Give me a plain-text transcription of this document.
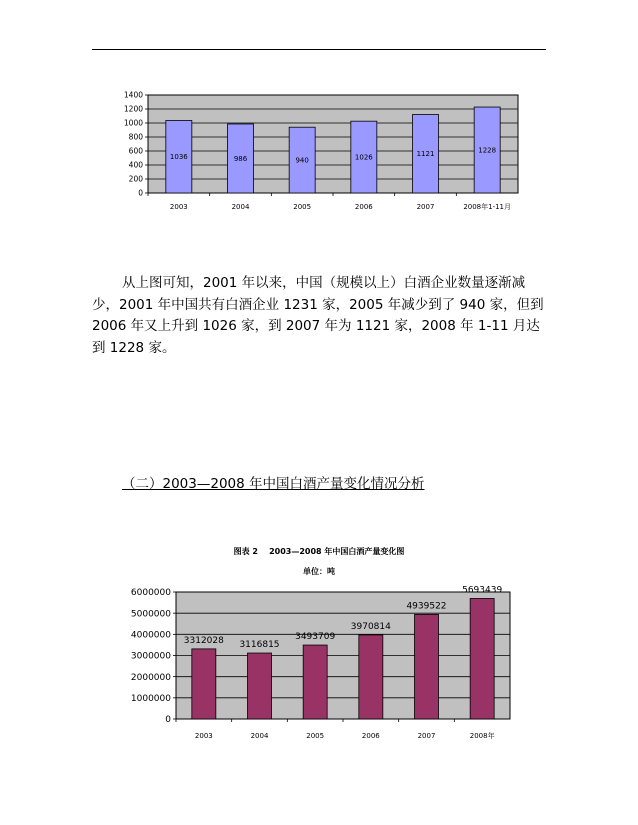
0
200
400
600
800
1000
1200
1400
1036
2003
986
2004
940
2005
1026
2006
1121
2007
1228
2008年1-11月

从上图可知，2001 年以来，中国（规模以上）白酒企业数量逐渐减少，2001 年中国共有白酒企业 1231 家，2005 年减少到了 940 家，但到 2006 年又上升到 1026 家，到 2007 年为 1121 家，2008 年 1-11 月达到 1228 家。

（二）2003—2008 年中国白酒产量变化情况分析
图表 2    2003—2008 年中国白酒产量变化图
单位：吨
0
1000000
2000000
3000000
4000000
5000000
6000000
3312028
2003
3116815
2004
3493709
2005
3970814
2006
4939522
2007
5693439
2008年
